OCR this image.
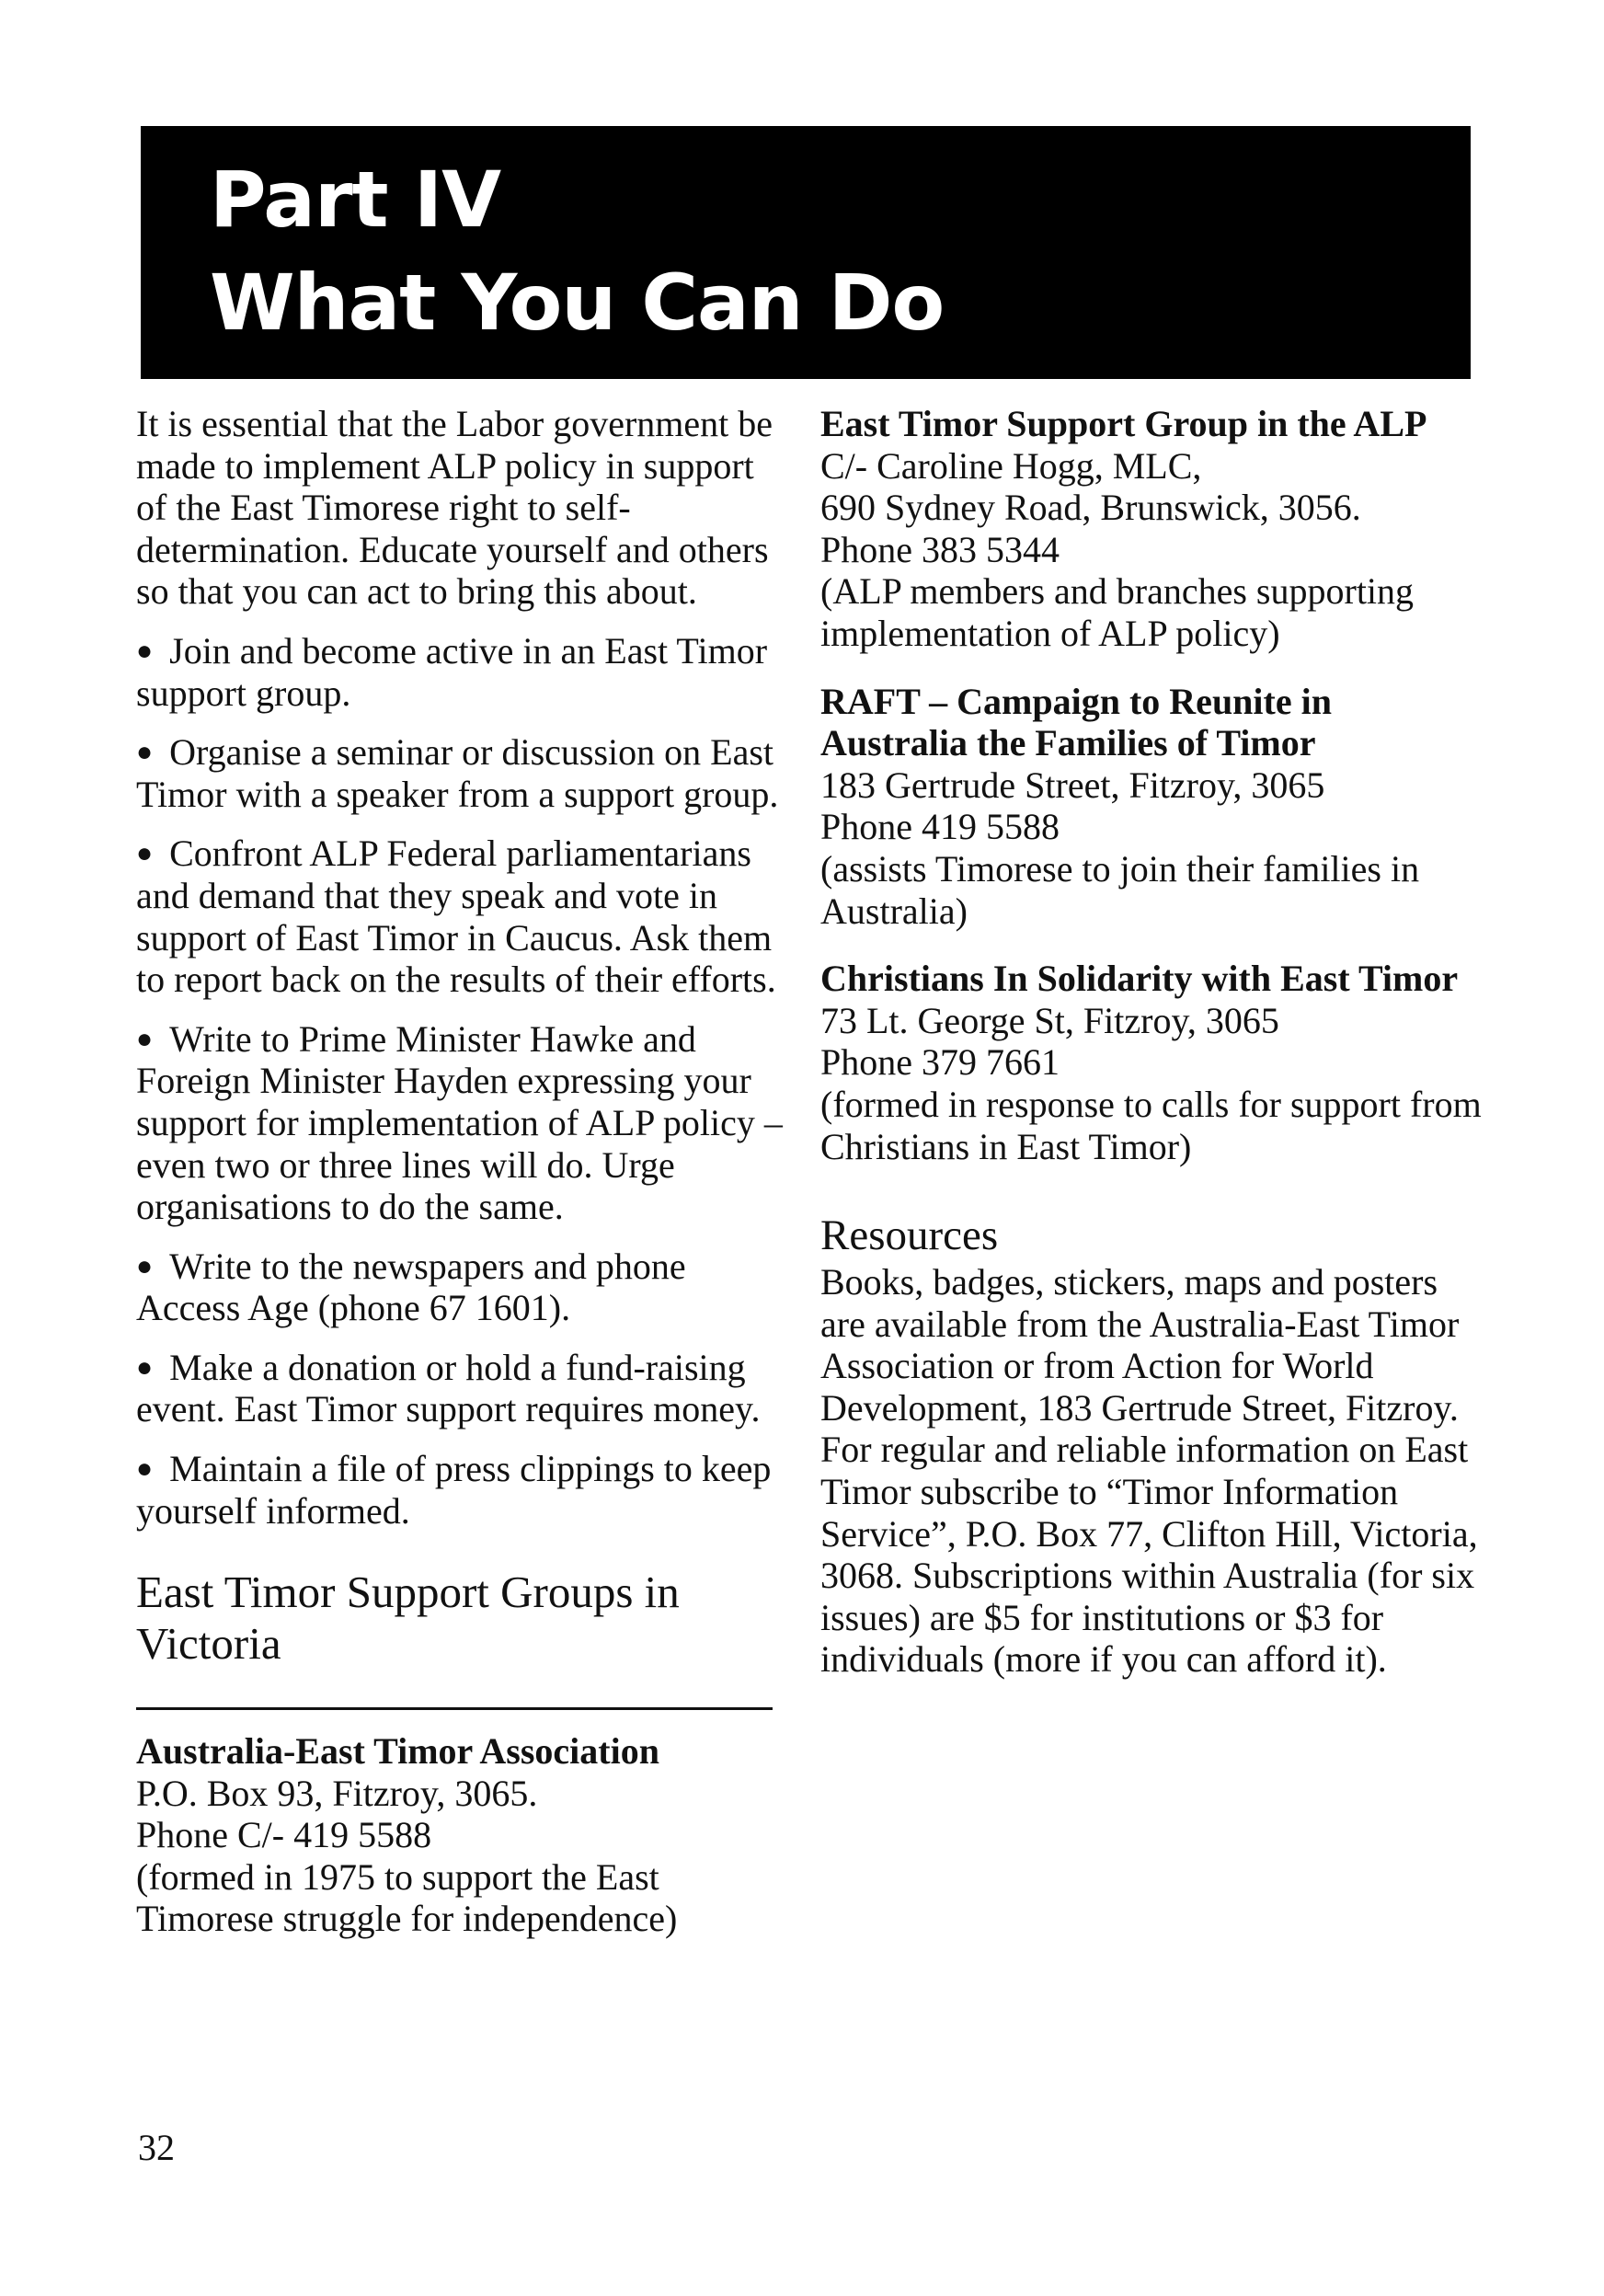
Part IV
What You Can Do

It is essential that the Labor government be made to implement ALP policy in support of the East Timorese right to self-determination. Educate yourself and others so that you can act to bring this about.

● Join and become active in an East Timor support group.

● Organise a seminar or discussion on East Timor with a speaker from a support group.

● Confront ALP Federal parliamentarians and demand that they speak and vote in support of East Timor in Caucus. Ask them to report back on the results of their efforts.

● Write to Prime Minister Hawke and Foreign Minister Hayden expressing your support for implementation of ALP policy – even two or three lines will do. Urge organisations to do the same.

● Write to the newspapers and phone Access Age (phone 67 1601).

● Make a donation or hold a fund-raising event. East Timor support requires money.

● Maintain a file of press clippings to keep yourself informed.

East Timor Support Groups in Victoria
Australia-East Timor Association
P.O. Box 93, Fitzroy, 3065.
Phone C/- 419 5588
(formed in 1975 to support the East Timorese struggle for independence)
East Timor Support Group in the ALP
C/- Caroline Hogg, MLC,
690 Sydney Road, Brunswick, 3056.
Phone 383 5344
(ALP members and branches supporting implementation of ALP policy)
RAFT – Campaign to Reunite in Australia the Families of Timor
183 Gertrude Street, Fitzroy, 3065
Phone 419 5588
(assists Timorese to join their families in Australia)
Christians In Solidarity with East Timor
73 Lt. George St, Fitzroy, 3065
Phone 379 7661
(formed in response to calls for support from Christians in East Timor)
Resources

Books, badges, stickers, maps and posters are available from the Australia-East Timor Association or from Action for World Development, 183 Gertrude Street, Fitzroy. For regular and reliable information on East Timor subscribe to “Timor Information Service”, P.O. Box 77, Clifton Hill, Victoria, 3068. Subscriptions within Australia (for six issues) are $5 for institutions or $3 for individuals (more if you can afford it).

32
